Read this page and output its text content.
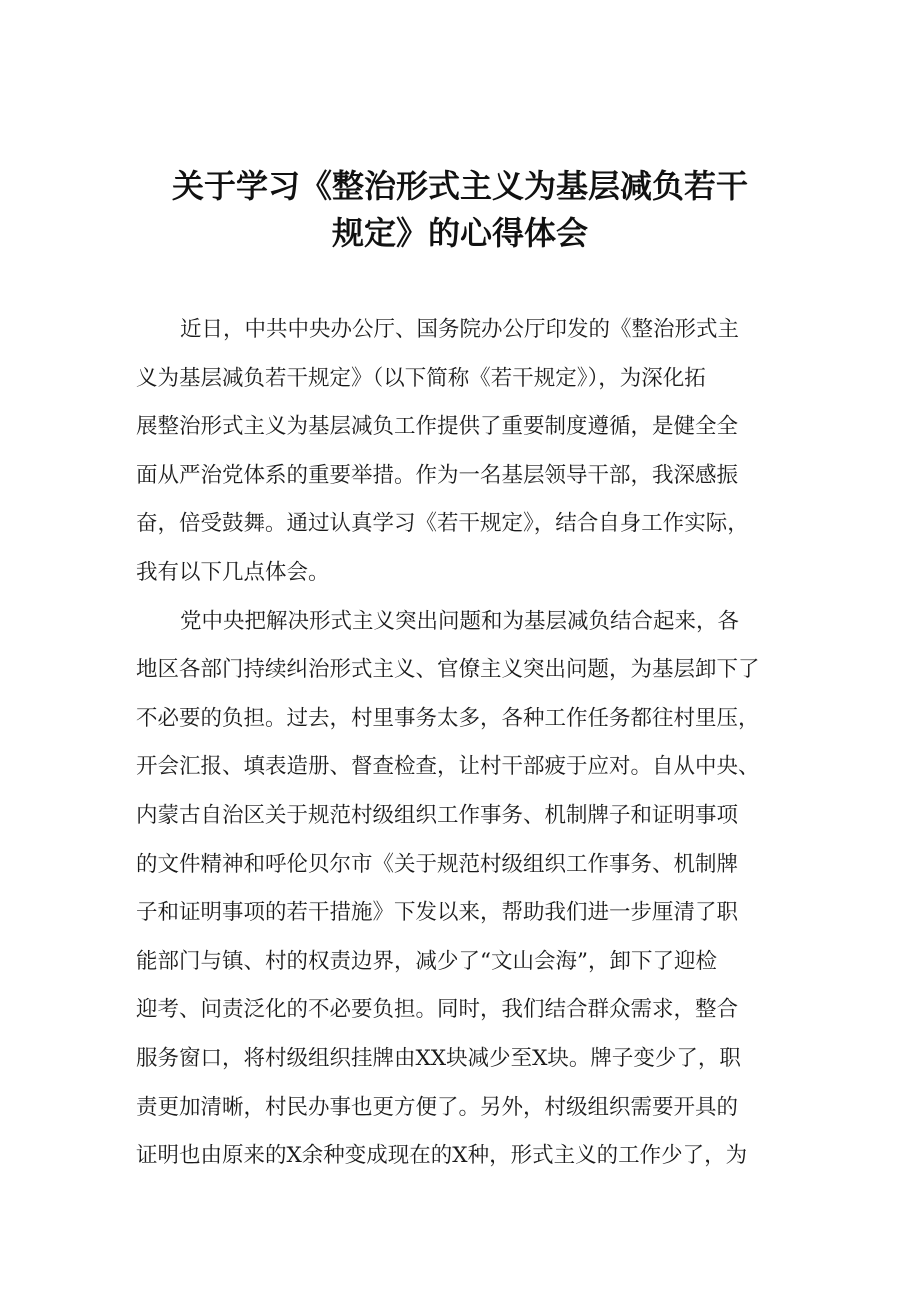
关于学习《整治形式主义为基层减负若干
规定》的心得体会

近日，中共中央办公厅、国务院办公厅印发的《整治形式主
义为基层减负若干规定》（以下简称《若干规定》），为深化拓
展整治形式主义为基层减负工作提供了重要制度遵循，是健全全
面从严治党体系的重要举措。作为一名基层领导干部，我深感振
奋，倍受鼓舞。通过认真学习《若干规定》，结合自身工作实际，
我有以下几点体会。

党中央把解决形式主义突出问题和为基层减负结合起来，各
地区各部门持续纠治形式主义、官僚主义突出问题，为基层卸下了
不必要的负担。过去，村里事务太多，各种工作任务都往村里压，
开会汇报、填表造册、督查检查，让村干部疲于应对。自从中央、
内蒙古自治区关于规范村级组织工作事务、机制牌子和证明事项
的文件精神和呼伦贝尔市《关于规范村级组织工作事务、机制牌
子和证明事项的若干措施》下发以来，帮助我们进一步厘清了职
能部门与镇、村的权责边界，减少了“文山会海”，卸下了迎检
迎考、问责泛化的不必要负担。同时，我们结合群众需求，整合
服务窗口，将村级组织挂牌由XX块减少至X块。牌子变少了，职
责更加清晰，村民办事也更方便了。另外，村级组织需要开具的
证明也由原来的X余种变成现在的X种，形式主义的工作少了，为
